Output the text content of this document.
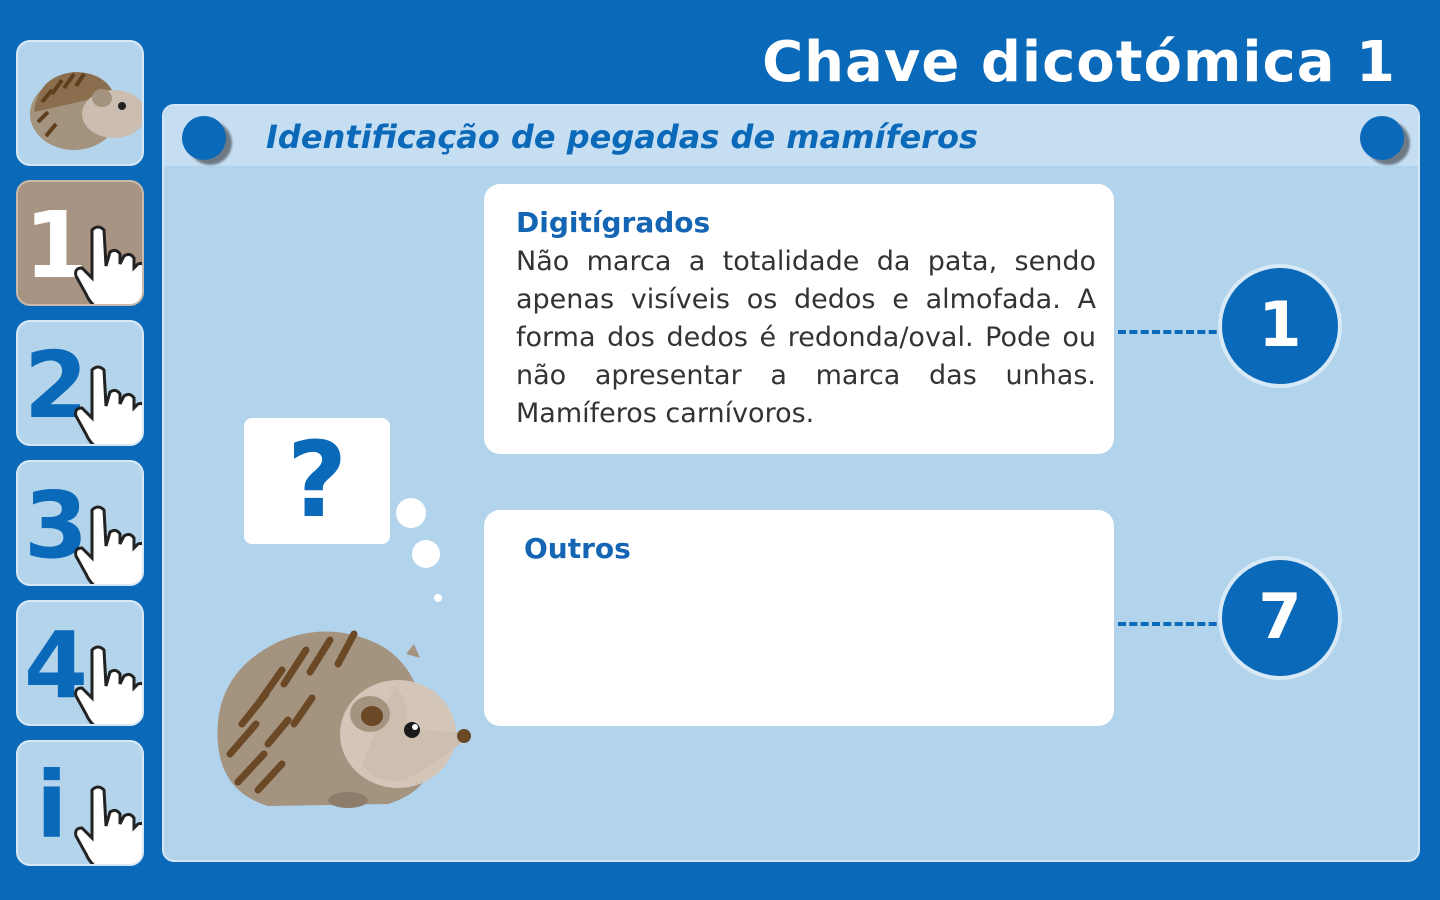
Chave dicotómica 1
1
2
3
4
i
Identificação de pegadas de mamíferos
Digitígrados
Não marca a totalidade da pata, sendo apenas visíveis os dedos e almofada. A forma dos dedos é redonda/oval. Pode ou não apresentar a marca das unhas. Mamíferos carnívoros.
1
Outros
7
?
